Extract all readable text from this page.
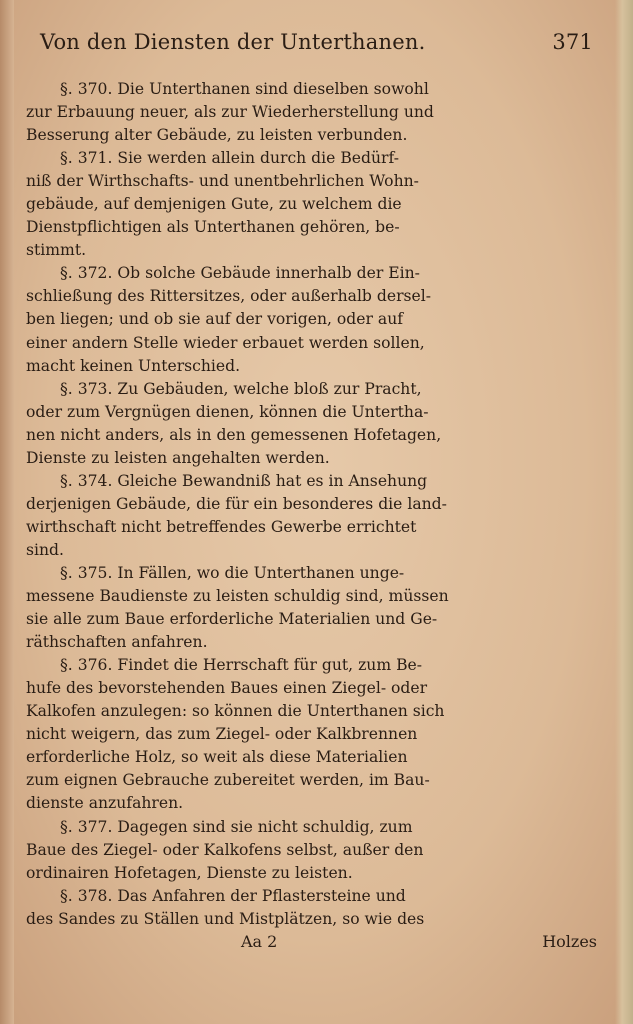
Von den Diensten der Unterthanen.	371
§. 370. Die Unterthanen sind dieselben sowohl
zur Erbauung neuer, als zur Wiederherstellung und
Besserung alter Gebäude, zu leisten verbunden.
§. 371. Sie werden allein durch die Bedürf-
niß der Wirthschafts- und unentbehrlichen Wohn-
gebäude, auf demjenigen Gute, zu welchem die
Dienstpflichtigen als Unterthanen gehören, be-
stimmt.
§. 372. Ob solche Gebäude innerhalb der Ein-
schließung des Rittersitzes, oder außerhalb dersel-
ben liegen; und ob sie auf der vorigen, oder auf
einer andern Stelle wieder erbauet werden sollen,
macht keinen Unterschied.
§. 373. Zu Gebäuden, welche bloß zur Pracht,
oder zum Vergnügen dienen, können die Untertha-
nen nicht anders, als in den gemessenen Hofetagen,
Dienste zu leisten angehalten werden.
§. 374. Gleiche Bewandniß hat es in Ansehung
derjenigen Gebäude, die für ein besonderes die land-
wirthschaft nicht betreffendes Gewerbe errichtet
sind.
§. 375. In Fällen, wo die Unterthanen unge-
messene Baudienste zu leisten schuldig sind, müssen
sie alle zum Baue erforderliche Materialien und Ge-
räthschaften anfahren.
§. 376. Findet die Herrschaft für gut, zum Be-
hufe des bevorstehenden Baues einen Ziegel- oder
Kalkofen anzulegen: so können die Unterthanen sich
nicht weigern, das zum Ziegel- oder Kalkbrennen
erforderliche Holz, so weit als diese Materialien
zum eignen Gebrauche zubereitet werden, im Bau-
dienste anzufahren.
§. 377. Dagegen sind sie nicht schuldig, zum
Baue des Ziegel- oder Kalkofens selbst, außer den
ordinairen Hofetagen, Dienste zu leisten.
§. 378. Das Anfahren der Pflastersteine und
des Sandes zu Ställen und Mistplätzen, so wie des
Aa 2	Holzes
